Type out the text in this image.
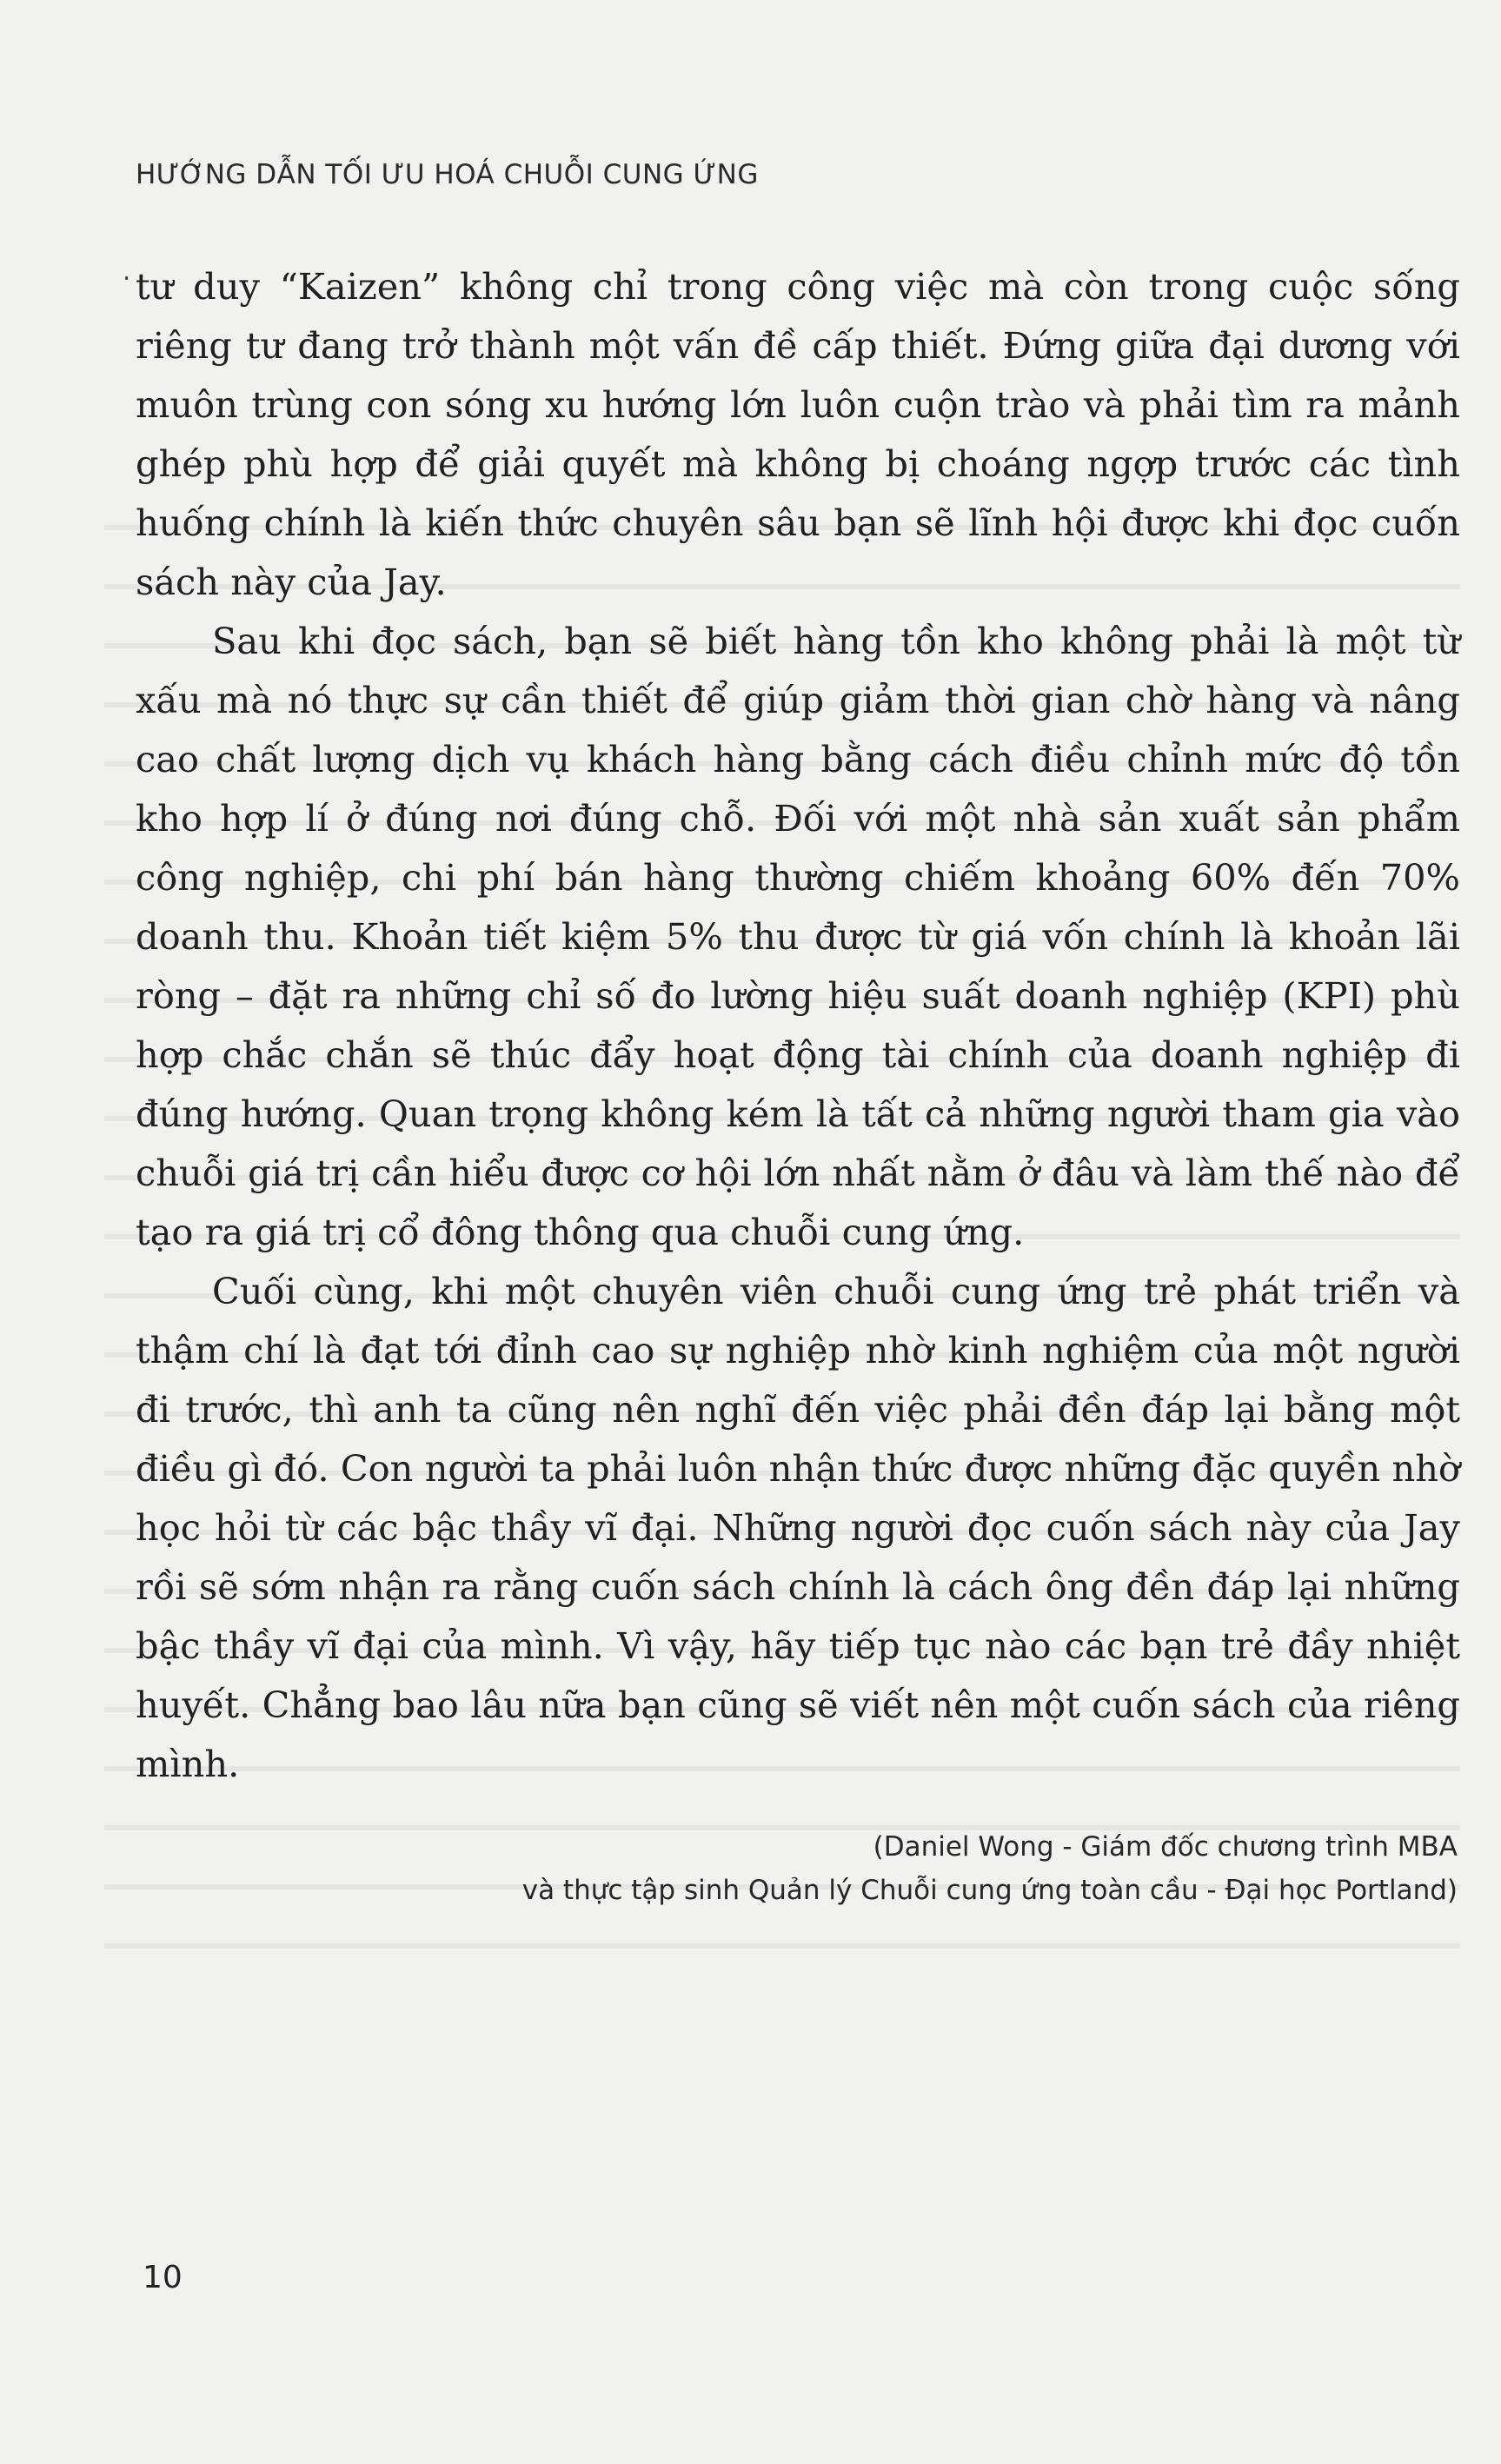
HƯỚNG DẪN TỐI ƯU HOÁ CHUỖI CUNG ỨNG

tư duy “Kaizen” không chỉ trong công việc mà còn trong cuộc sống riêng tư đang trở thành một vấn đề cấp thiết. Đứng giữa đại dương với muôn trùng con sóng xu hướng lớn luôn cuộn trào và phải tìm ra mảnh ghép phù hợp để giải quyết mà không bị choáng ngợp trước các tình huống chính là kiến thức chuyên sâu bạn sẽ lĩnh hội được khi đọc cuốn sách này của Jay.

Sau khi đọc sách, bạn sẽ biết hàng tồn kho không phải là một từ xấu mà nó thực sự cần thiết để giúp giảm thời gian chờ hàng và nâng cao chất lượng dịch vụ khách hàng bằng cách điều chỉnh mức độ tồn kho hợp lí ở đúng nơi đúng chỗ. Đối với một nhà sản xuất sản phẩm công nghiệp, chi phí bán hàng thường chiếm khoảng 60% đến 70% doanh thu. Khoản tiết kiệm 5% thu được từ giá vốn chính là khoản lãi ròng – đặt ra những chỉ số đo lường hiệu suất doanh nghiệp (KPI) phù hợp chắc chắn sẽ thúc đẩy hoạt động tài chính của doanh nghiệp đi đúng hướng. Quan trọng không kém là tất cả những người tham gia vào chuỗi giá trị cần hiểu được cơ hội lớn nhất nằm ở đâu và làm thế nào để tạo ra giá trị cổ đông thông qua chuỗi cung ứng.

Cuối cùng, khi một chuyên viên chuỗi cung ứng trẻ phát triển và thậm chí là đạt tới đỉnh cao sự nghiệp nhờ kinh nghiệm của một người đi trước, thì anh ta cũng nên nghĩ đến việc phải đền đáp lại bằng một điều gì đó. Con người ta phải luôn nhận thức được những đặc quyền nhờ học hỏi từ các bậc thầy vĩ đại. Những người đọc cuốn sách này của Jay rồi sẽ sớm nhận ra rằng cuốn sách chính là cách ông đền đáp lại những bậc thầy vĩ đại của mình. Vì vậy, hãy tiếp tục nào các bạn trẻ đầy nhiệt huyết. Chẳng bao lâu nữa bạn cũng sẽ viết nên một cuốn sách của riêng mình.

(Daniel Wong - Giám đốc chương trình MBA
và thực tập sinh Quản lý Chuỗi cung ứng toàn cầu - Đại học Portland)
10
